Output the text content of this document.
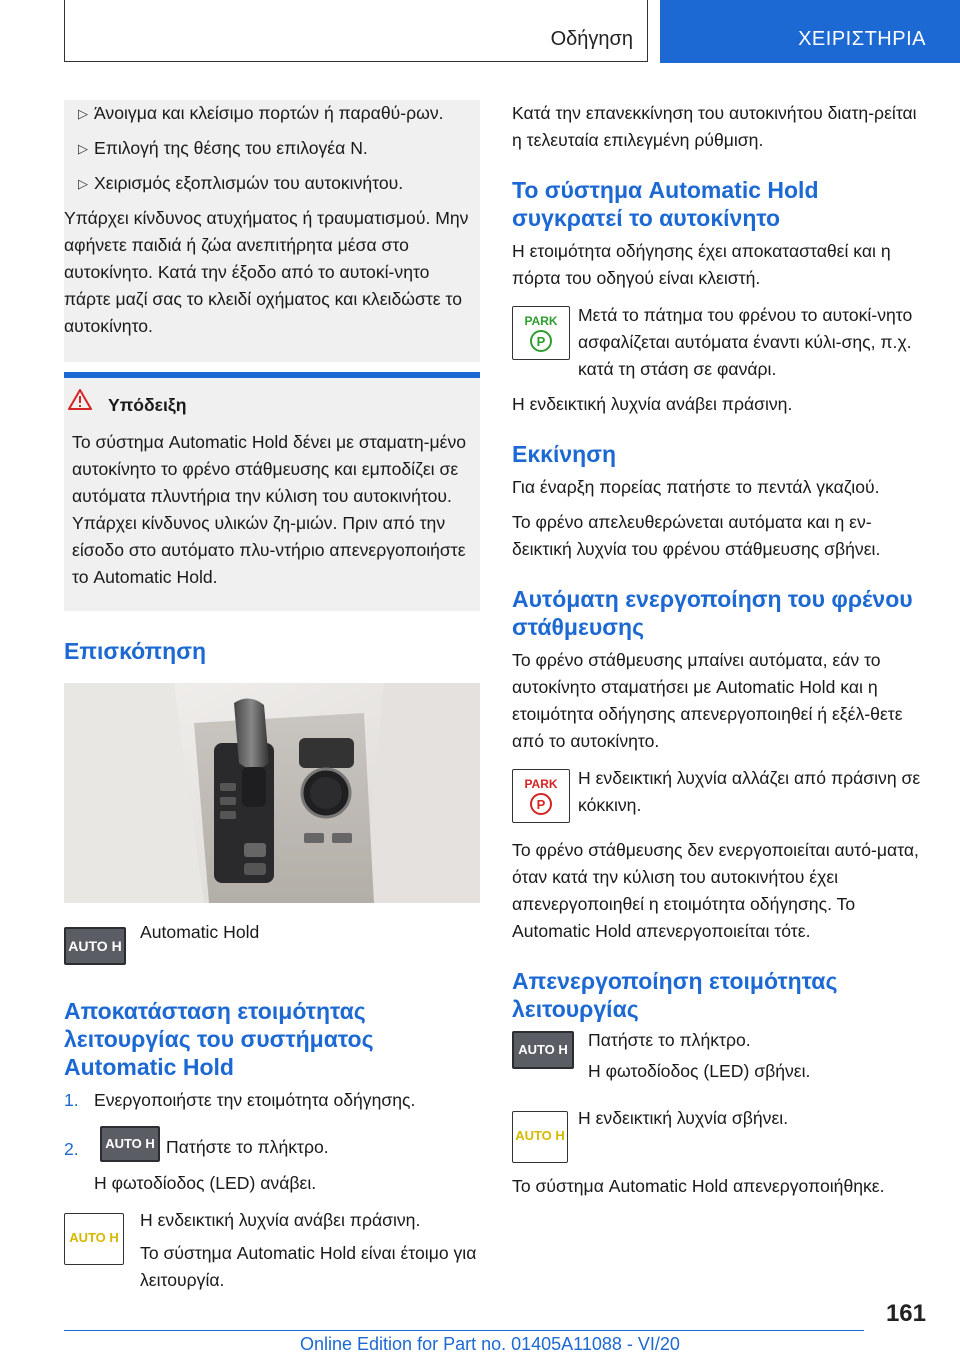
Οδήγηση	ΧΕΙΡΙΣΤΗΡΙΑ
▷ Άνοιγμα και κλείσιμο πορτών ή παραθύ-ρων.
▷ Επιλογή της θέσης του επιλογέα N.
▷ Χειρισμός εξοπλισμών του αυτοκινήτου.

Υπάρχει κίνδυνος ατυχήματος ή τραυματισμού. Μην αφήνετε παιδιά ή ζώα ανεπιτήρητα μέσα στο αυτοκίνητο. Κατά την έξοδο από το αυτοκί-νητο πάρτε μαζί σας το κλειδί οχήματος και κλειδώστε το αυτοκίνητο.

Υπόδειξη

Το σύστημα Automatic Hold δένει με σταματη-μένο αυτοκίνητο το φρένο στάθμευσης και εμποδίζει σε αυτόματα πλυντήρια την κύλιση του αυτοκινήτου. Υπάρχει κίνδυνος υλικών ζη-μιών. Πριν από την είσοδο στο αυτόματο πλυ-ντήριο απενεργοποιήστε το Automatic Hold.

Επισκόπηση
AUTO H

Automatic Hold

Αποκατάσταση ετοιμότητας λειτουργίας του συστήματος Automatic Hold
1. Ενεργοποιήστε την ετοιμότητα οδήγησης.
2. AUTO H Πατήστε το πλήκτρο.

Η φωτοδίοδος (LED) ανάβει.

AUTO H

Η ενδεικτική λυχνία ανάβει πράσινη.

Το σύστημα Automatic Hold είναι έτοιμο για λειτουργία.

Κατά την επανεκκίνηση του αυτοκινήτου διατη-ρείται η τελευταία επιλεγμένη ρύθμιση.

Το σύστημα Automatic Hold συγκρατεί το αυτοκίνητο

Η ετοιμότητα οδήγησης έχει αποκατασταθεί και η πόρτα του οδηγού είναι κλειστή.

PARK
P

Μετά το πάτημα του φρένου το αυτοκί-νητο ασφαλίζεται αυτόματα έναντι κύλι-σης, π.χ. κατά τη στάση σε φανάρι.

Η ενδεικτική λυχνία ανάβει πράσινη.

Εκκίνηση

Για έναρξη πορείας πατήστε το πεντάλ γκαζιού.

Το φρένο απελευθερώνεται αυτόματα και η εν-δεικτική λυχνία του φρένου στάθμευσης σβήνει.

Αυτόματη ενεργοποίηση του φρένου στάθμευσης

Το φρένο στάθμευσης μπαίνει αυτόματα, εάν το αυτοκίνητο σταματήσει με Automatic Hold και η ετοιμότητα οδήγησης απενεργοποιηθεί ή εξέλ-θετε από το αυτοκίνητο.

PARK
P

Η ενδεικτική λυχνία αλλάζει από πράσινη σε κόκκινη.

Το φρένο στάθμευσης δεν ενεργοποιείται αυτό-ματα, όταν κατά την κύλιση του αυτοκινήτου έχει απενεργοποιηθεί η ετοιμότητα οδήγησης. Το Automatic Hold απενεργοποιείται τότε.

Απενεργοποίηση ετοιμότητας λειτουργίας
AUTO H Πατήστε το πλήκτρο.

Η φωτοδίοδος (LED) σβήνει.

AUTO H

Η ενδεικτική λυχνία σβήνει.

Το σύστημα Automatic Hold απενεργοποιήθηκε.

161
Online Edition for Part no. 01405A11088 - VI/20
